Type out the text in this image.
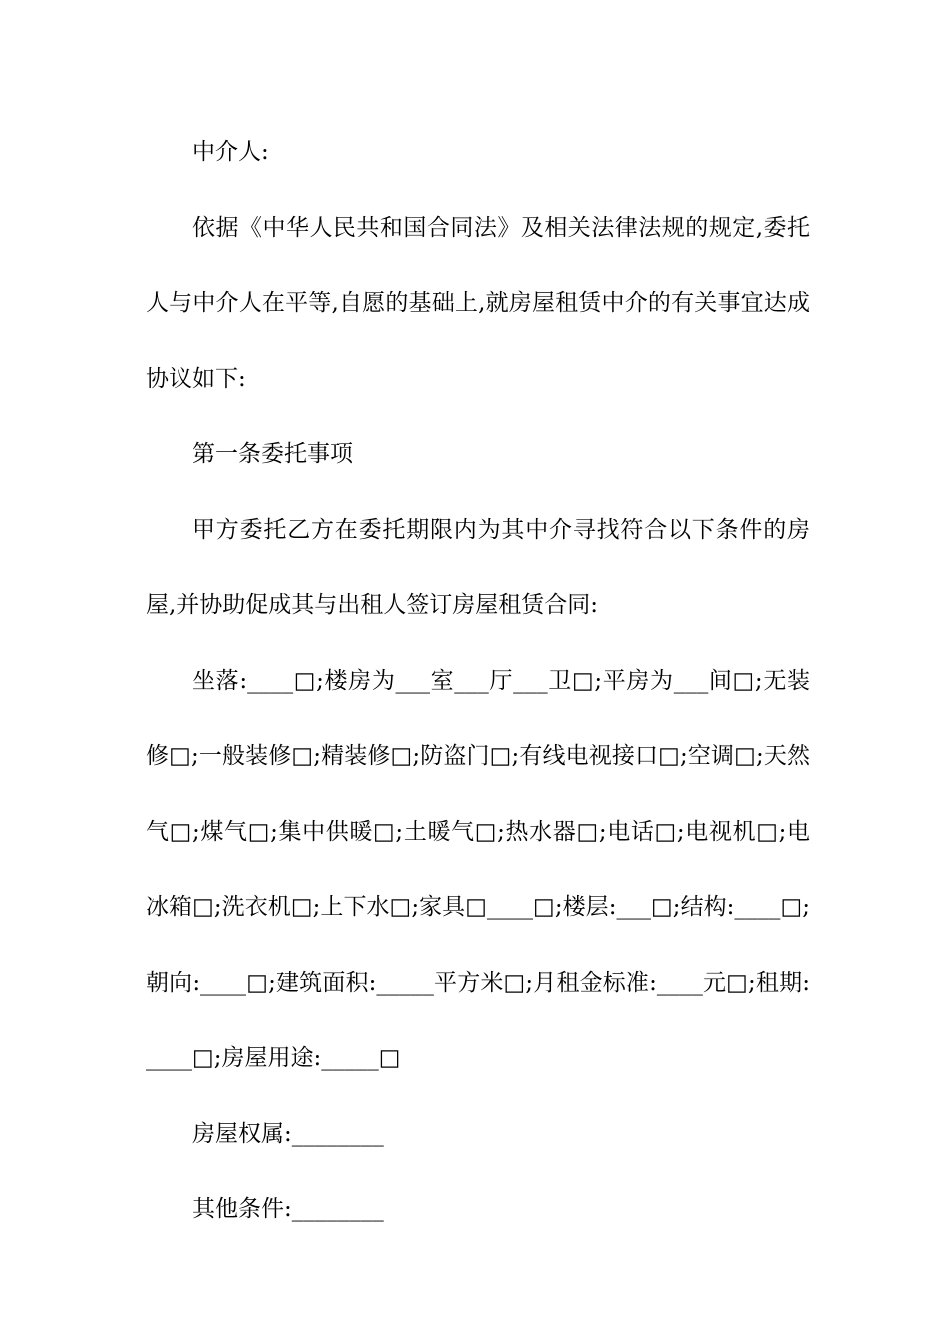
中介人:

依据《中华人民共和国合同法》及相关法律法规的规定,委托人与中介人在平等,自愿的基础上,就房屋租赁中介的有关事宜达成协议如下:

第一条委托事项

甲方委托乙方在委托期限内为其中介寻找符合以下条件的房屋,并协助促成其与出租人签订房屋租赁合同:

坐落:____□;楼房为___室___厅___卫□;平房为___间□;无装修□;一般装修□;精装修□;防盗门□;有线电视接口□;空调□;天然气□;煤气□;集中供暖□;土暖气□;热水器□;电话□;电视机□;电冰箱□;洗衣机□;上下水□;家具□____□;楼层:___□;结构:____□;朝向:____□;建筑面积:_____平方米□;月租金标准:____元□;租期:____□;房屋用途:_____□

房屋权属:________

其他条件:________
